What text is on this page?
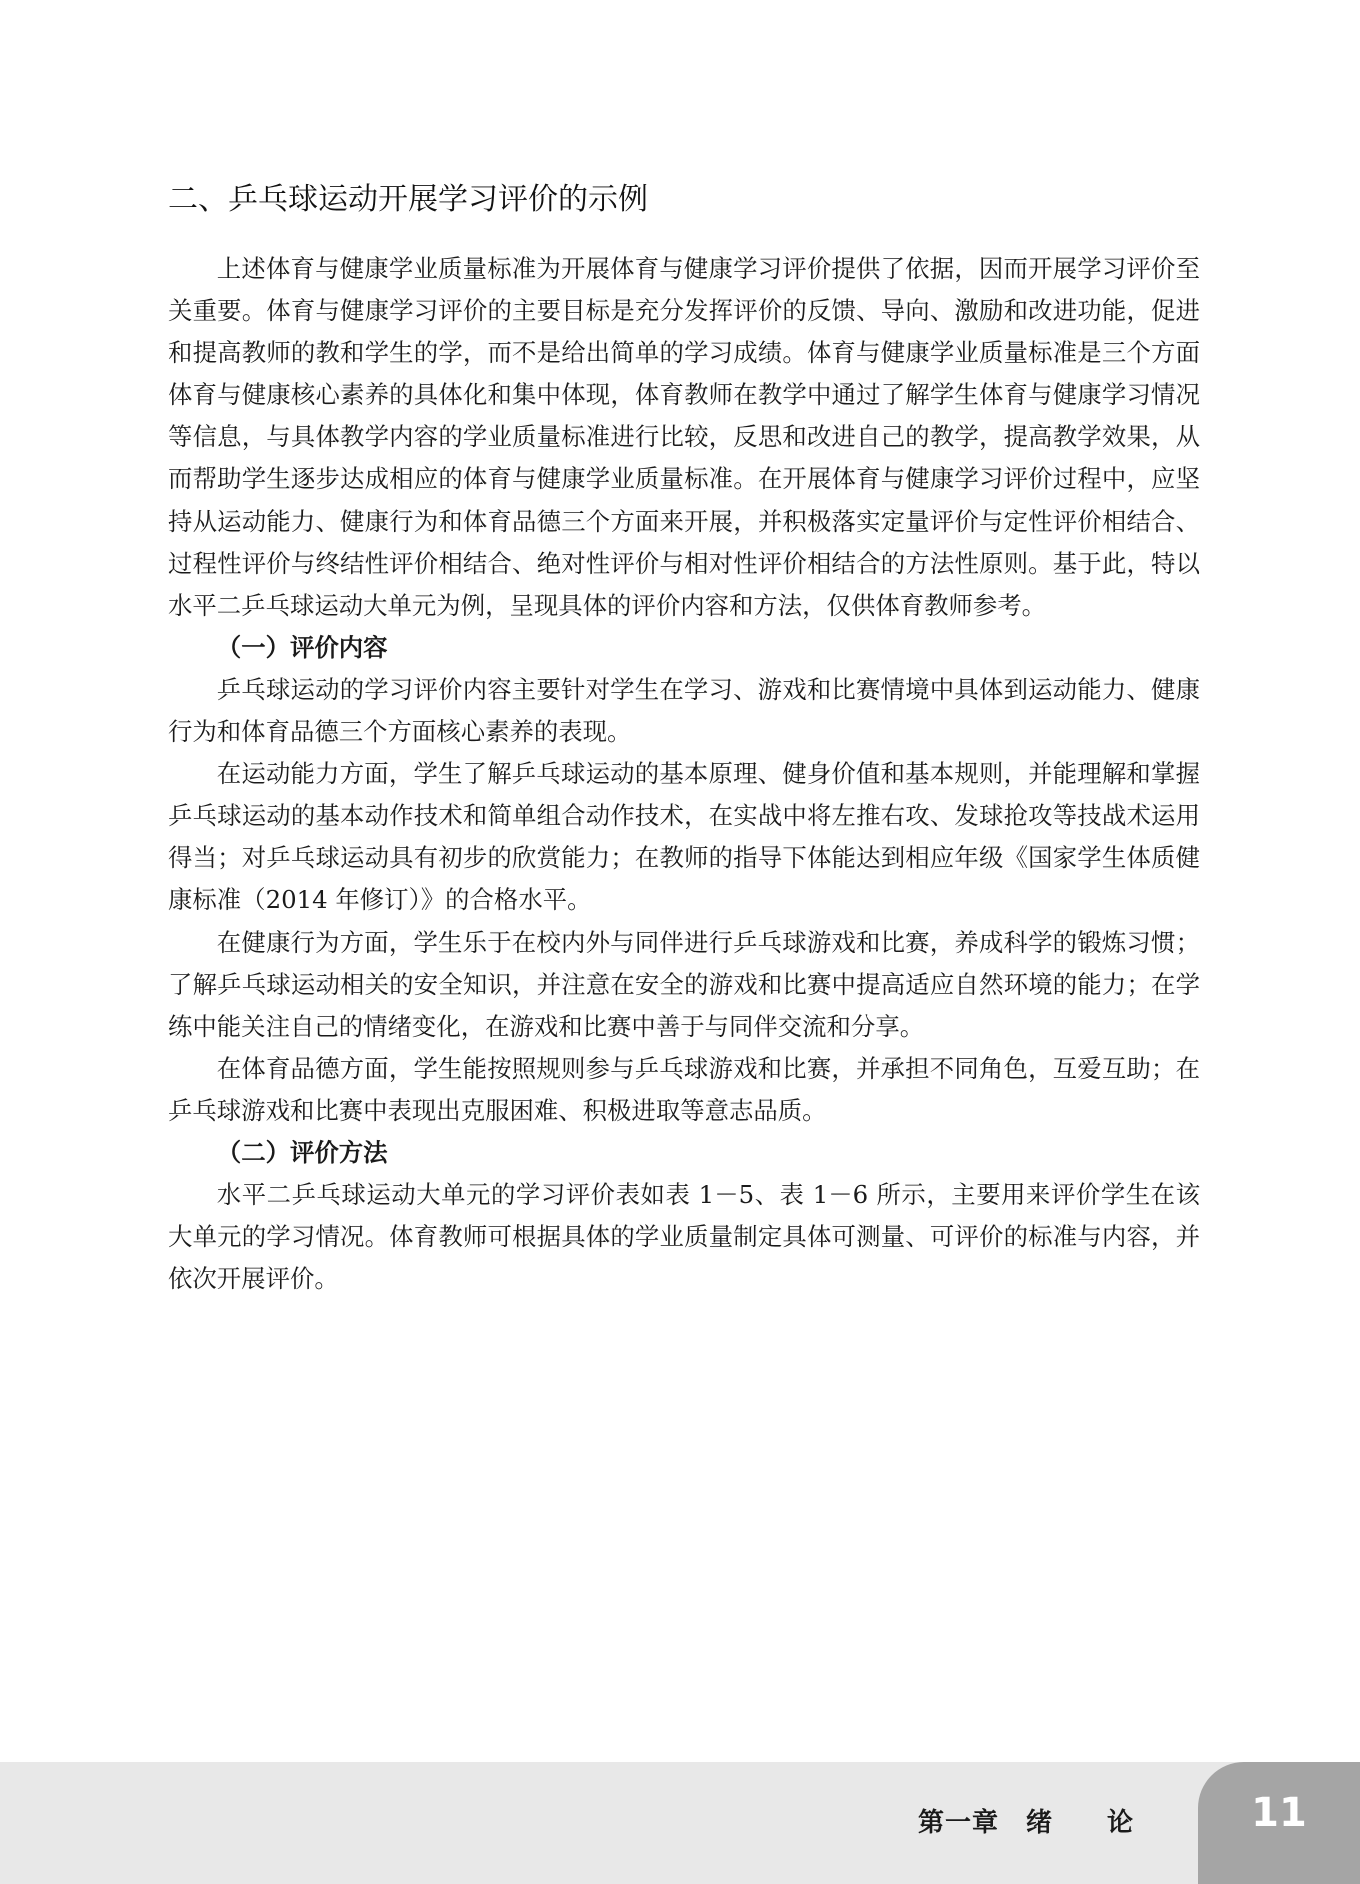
二、乒乓球运动开展学习评价的示例

上述体育与健康学业质量标准为开展体育与健康学习评价提供了依据，因而开展学习评价至关重要。体育与健康学习评价的主要目标是充分发挥评价的反馈、导向、激励和改进功能，促进和提高教师的教和学生的学，而不是给出简单的学习成绩。体育与健康学业质量标准是三个方面体育与健康核心素养的具体化和集中体现，体育教师在教学中通过了解学生体育与健康学习情况等信息，与具体教学内容的学业质量标准进行比较，反思和改进自己的教学，提高教学效果，从而帮助学生逐步达成相应的体育与健康学业质量标准。在开展体育与健康学习评价过程中，应坚持从运动能力、健康行为和体育品德三个方面来开展，并积极落实定量评价与定性评价相结合、过程性评价与终结性评价相结合、绝对性评价与相对性评价相结合的方法性原则。基于此，特以水平二乒乓球运动大单元为例，呈现具体的评价内容和方法，仅供体育教师参考。

（一）评价内容

乒乓球运动的学习评价内容主要针对学生在学习、游戏和比赛情境中具体到运动能力、健康行为和体育品德三个方面核心素养的表现。

在运动能力方面，学生了解乒乓球运动的基本原理、健身价值和基本规则，并能理解和掌握乒乓球运动的基本动作技术和简单组合动作技术，在实战中将左推右攻、发球抢攻等技战术运用得当；对乒乓球运动具有初步的欣赏能力；在教师的指导下体能达到相应年级《国家学生体质健康标准（2014 年修订）》的合格水平。

在健康行为方面，学生乐于在校内外与同伴进行乒乓球游戏和比赛，养成科学的锻炼习惯；了解乒乓球运动相关的安全知识，并注意在安全的游戏和比赛中提高适应自然环境的能力；在学练中能关注自己的情绪变化，在游戏和比赛中善于与同伴交流和分享。

在体育品德方面，学生能按照规则参与乒乓球游戏和比赛，并承担不同角色，互爱互助；在乒乓球游戏和比赛中表现出克服困难、积极进取等意志品质。

（二）评价方法

水平二乒乓球运动大单元的学习评价表如表 1－5、表 1－6 所示，主要用来评价学生在该大单元的学习情况。体育教师可根据具体的学业质量制定具体可测量、可评价的标准与内容，并依次开展评价。

第一章　绪　　论	11
